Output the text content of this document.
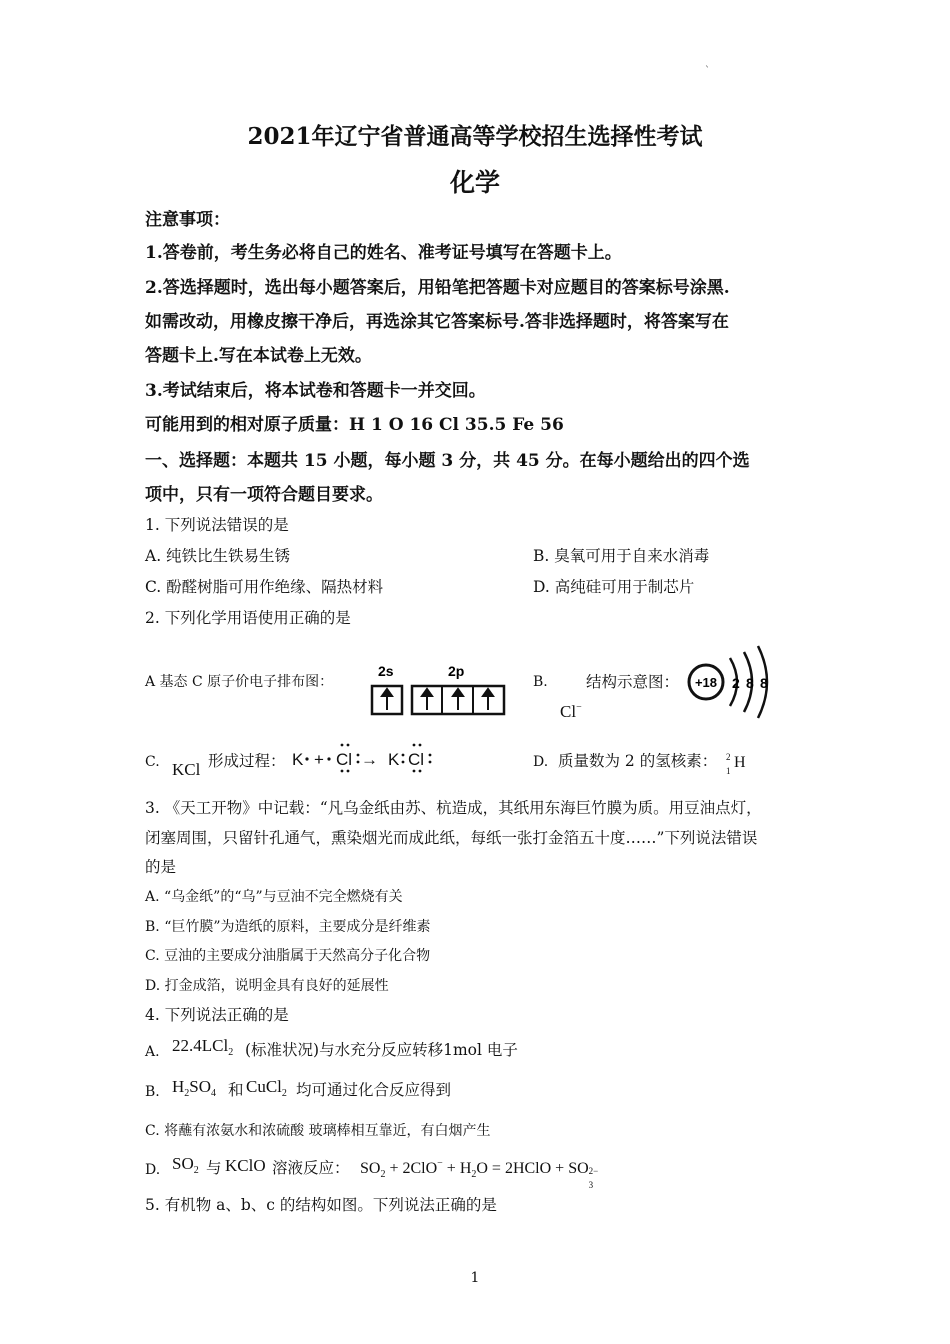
`
2021年辽宁省普通高等学校招生选择性考试
化学
注意事项：
1.答卷前，考生务必将自己的姓名、准考证号填写在答题卡上。
2.答选择题时，选出每小题答案后，用铅笔把答题卡对应题目的答案标号涂黑.
如需改动，用橡皮擦干净后，再选涂其它答案标号.答非选择题时，将答案写在
答题卡上.写在本试卷上无效。
3.考试结束后，将本试卷和答题卡一并交回。
可能用到的相对原子质量：H 1 O 16 Cl 35.5 Fe 56
一、选择题：本题共 15 小题，每小题 3 分，共 45 分。在每小题给出的四个选
项中，只有一项符合题目要求。
1. 下列说法错误的是
A. 纯铁比生铁易生锈	B. 臭氧可用于自来水消毒
C. 酚醛树脂可用作绝缘、隔热材料	D. 高纯硅可用于制芯片
2. 下列化学用语使用正确的是
A 基态 C 原子价电子排布图：
2s	2p
B. 结构示意图：
Cl−
+18 2 8 8
C. KCl 形成过程： K + Cl → K Cl	D. 质量数为 2 的氢核素： 2
1 H
3. 《天工开物》中记载：“凡乌金纸由苏、杭造成，其纸用东海巨竹膜为质。用豆油点灯，
闭塞周围，只留针孔通气，熏染烟光而成此纸，每纸一张打金箔五十度……”下列说法错误
的是
A. “乌金纸”的“乌”与豆油不完全燃烧有关
B. “巨竹膜”为造纸的原料，主要成分是纤维素
C. 豆油的主要成分油脂属于天然高分子化合物
D. 打金成箔，说明金具有良好的延展性
4. 下列说法正确的是
A. 22.4LCl$_2$ (标准状况)与水充分反应转移1mol 电子
B. $H_2SO_4$ 和 CuCl$_2$ 均可通过化合反应得到
C. 将蘸有浓氨水和浓硫酸 玻璃棒相互靠近，有白烟产生
D. $SO_2$ 与 KClO 溶液反应： $SO_2 + 2ClO^- + H_2O$ = 2HClO + SO 2−
3
5. 有机物 a、b、c 的结构如图。下列说法正确的是
1
